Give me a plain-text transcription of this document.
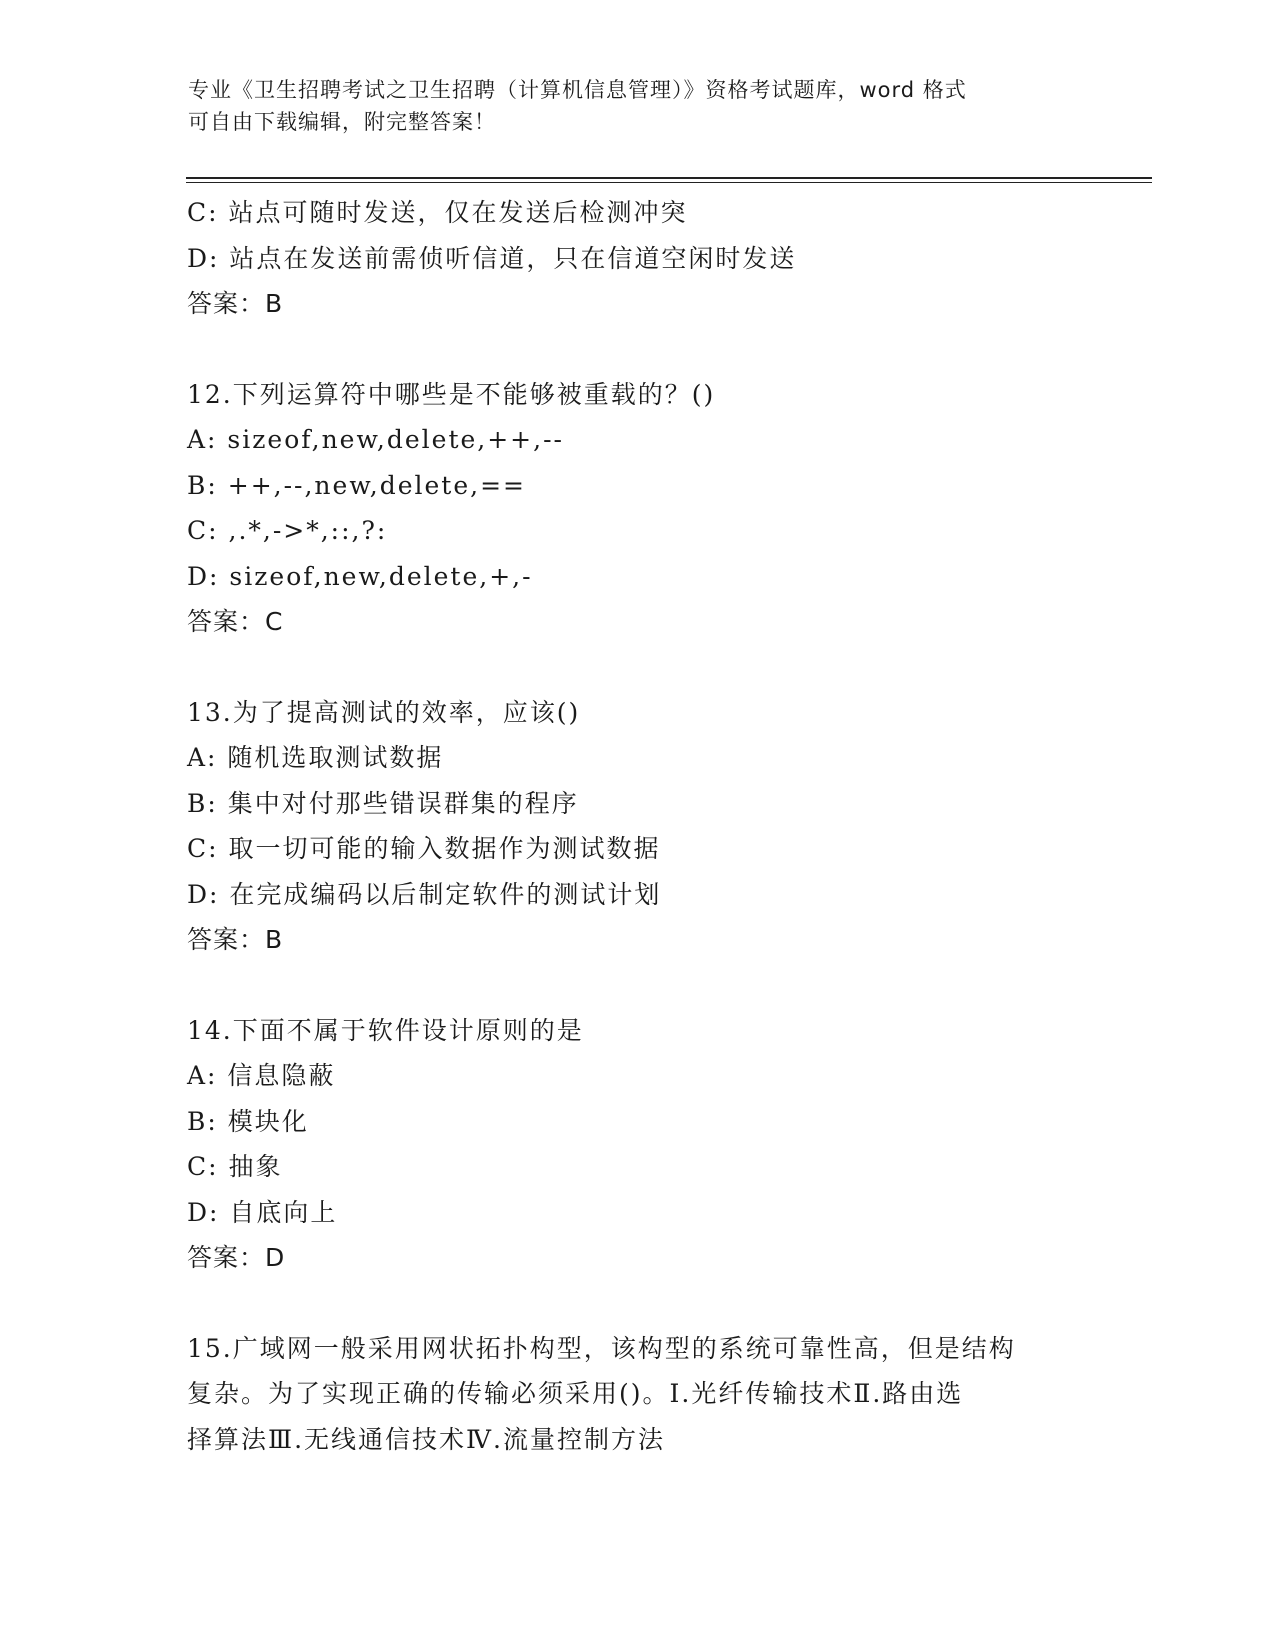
专业《卫生招聘考试之卫生招聘（计算机信息管理）》资格考试题库，word 格式
可自由下载编辑，附完整答案！
C: 站点可随时发送，仅在发送后检测冲突
D: 站点在发送前需侦听信道，只在信道空闲时发送
答案：B
12.下列运算符中哪些是不能够被重载的？()
A: sizeof,new,delete,++,--
B: ++,--,new,delete,==
C: ,.*,->*,::,?:
D: sizeof,new,delete,+,-
答案：C
13.为了提高测试的效率，应该()
A: 随机选取测试数据
B: 集中对付那些错误群集的程序
C: 取一切可能的输入数据作为测试数据
D: 在完成编码以后制定软件的测试计划
答案：B
14.下面不属于软件设计原则的是
A: 信息隐蔽
B: 模块化
C: 抽象
D: 自底向上
答案：D
15.广域网一般采用网状拓扑构型，该构型的系统可靠性高，但是结构
复杂。为了实现正确的传输必须采用()。Ⅰ.光纤传输技术Ⅱ.路由选
择算法Ⅲ.无线通信技术Ⅳ.流量控制方法
